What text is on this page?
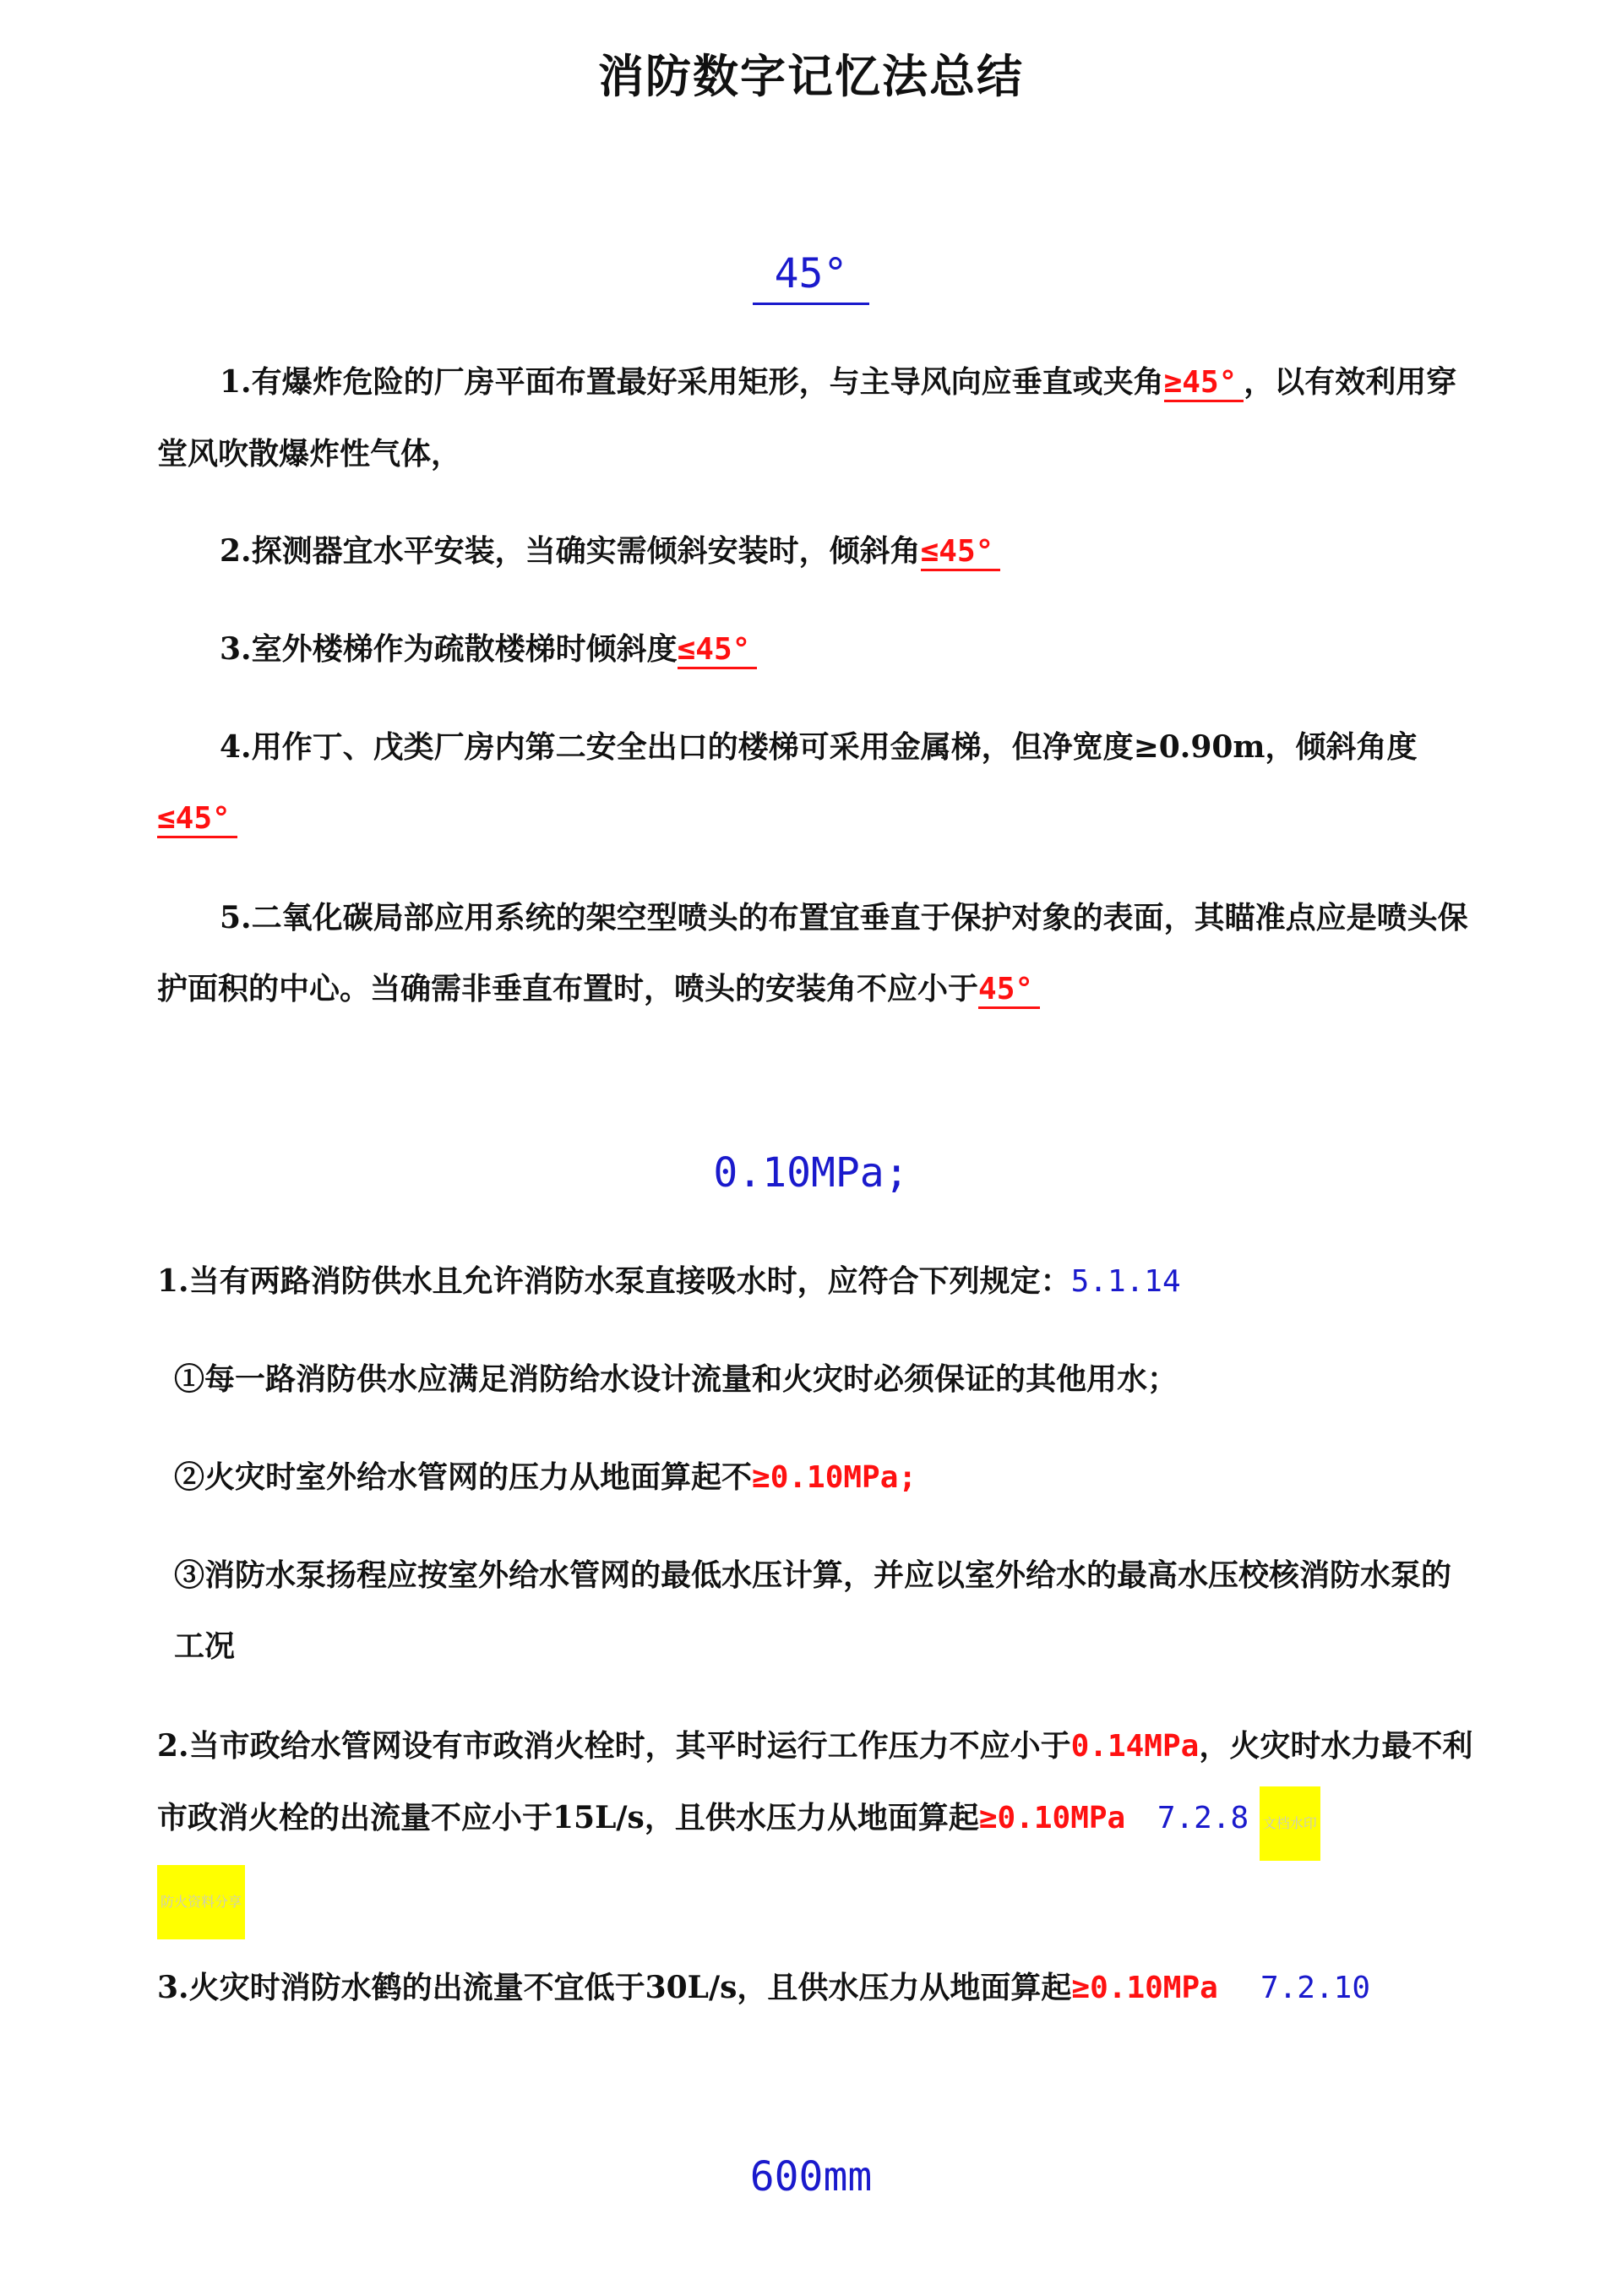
消防数字记忆法总结
45°
1.有爆炸危险的厂房平面布置最好采用矩形，与主导风向应垂直或夹角≥45° ，以有效利用穿堂风吹散爆炸性气体，
2.探测器宜水平安装，当确实需倾斜安装时，倾斜角≤45°
3.室外楼梯作为疏散楼梯时倾斜度≤45°
4.用作丁、戊类厂房内第二安全出口的楼梯可采用金属梯，但净宽度≥0.90m，倾斜角度≤45°
5.二氧化碳局部应用系统的架空型喷头的布置宜垂直于保护对象的表面，其瞄准点应是喷头保护面积的中心。当确需非垂直布置时，喷头的安装角不应小于45°
0.10MPa;
1.当有两路消防供水且允许消防水泵直接吸水时，应符合下列规定：5.1.14
①每一路消防供水应满足消防给水设计流量和火灾时必须保证的其他用水；
②火灾时室外给水管网的压力从地面算起不≥0.10MPa;
③消防水泵扬程应按室外给水管网的最低水压计算，并应以室外给水的最高水压校核消防水泵的工况
2.当市政给水管网设有市政消火栓时，其平时运行工作压力不应小于0.14MPa，火灾时水力最不利市政消火栓的出流量不应小于15L/s，且供水压力从地面算起≥0.10MPa 7.2.8 文档水印
防火资料分享
3.火灾时消防水鹤的出流量不宜低于30L/s，且供水压力从地面算起≥0.10MPa 7.2.10
600mm
